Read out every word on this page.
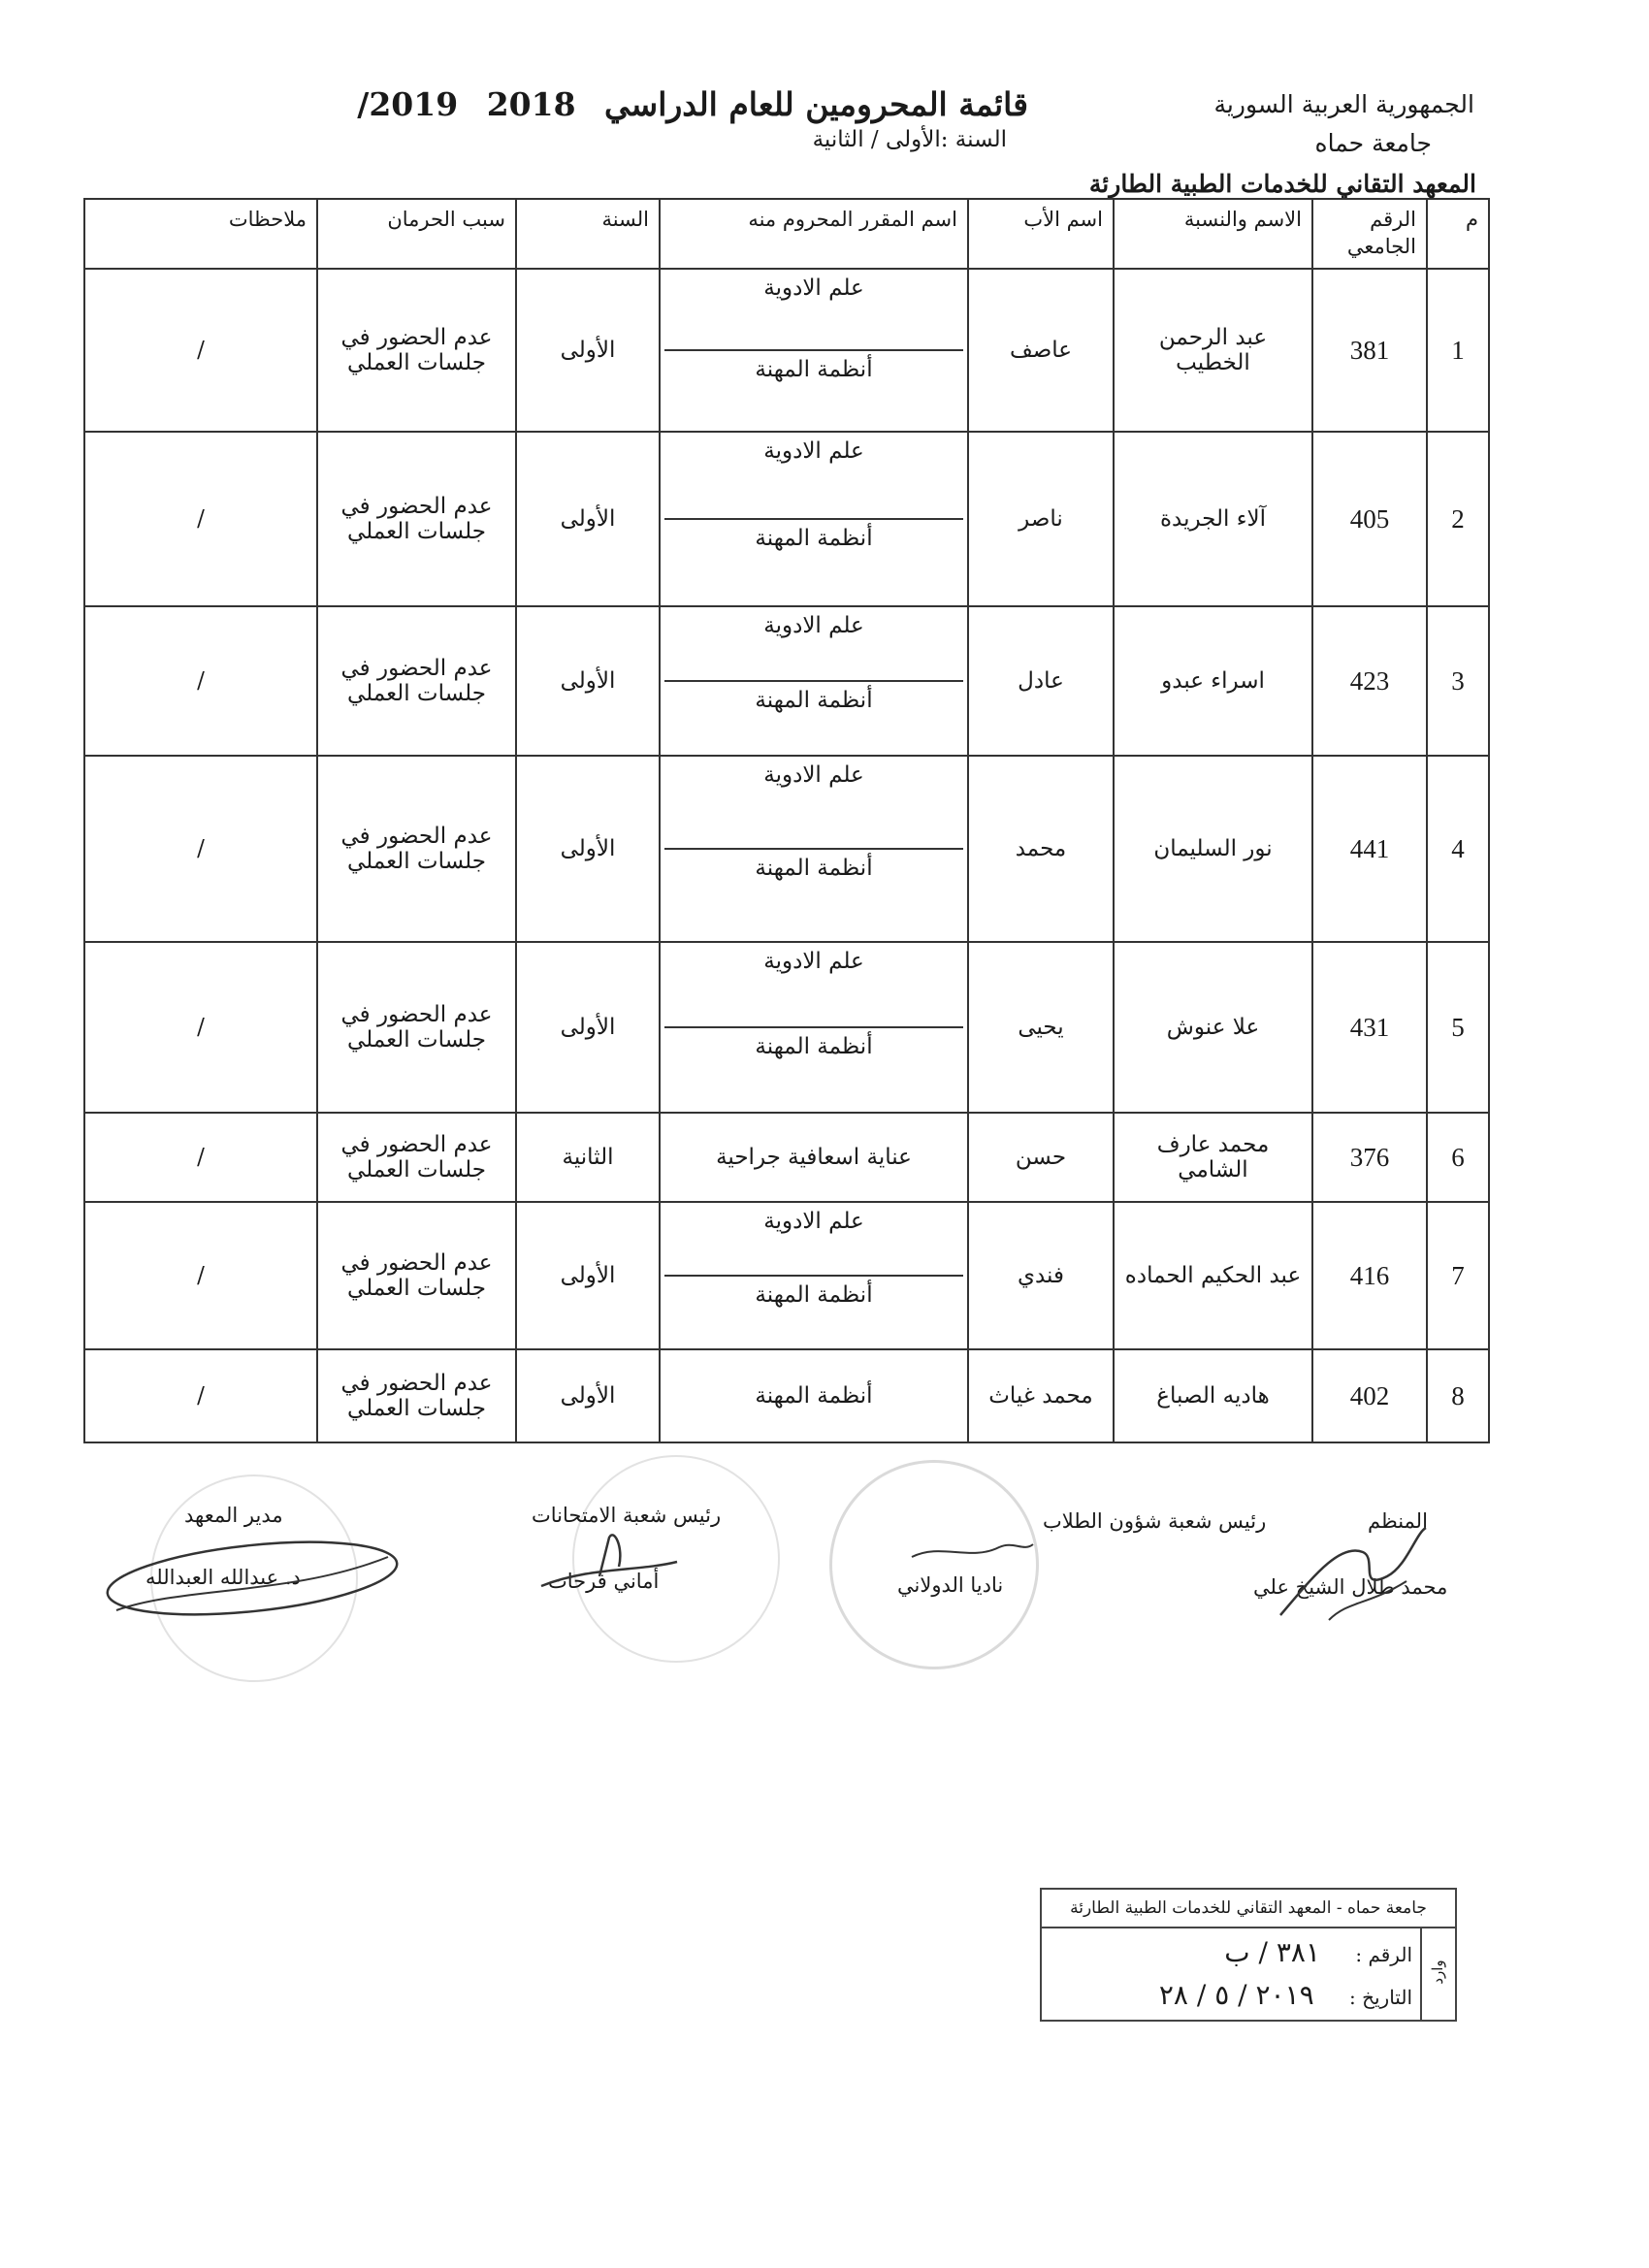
الجمهورية العربية السورية
جامعة حماه
المعهد التقاني للخدمات الطبية الطارئة
قائمة المحرومين للعام الدراسي 2018 2019/
السنة :الأولى / الثانية
م	الرقم الجامعي	الاسم والنسبة	اسم الأب	اسم المقرر المحروم منه	السنة	سبب الحرمان	ملاحظات
1	381	عبد الرحمن الخطيب	عاصف	علم الادوية
أنظمة المهنة	الأولى	عدم الحضور في جلسات العملي	/
2	405	آلاء الجريدة	ناصر	علم الادوية
أنظمة المهنة	الأولى	عدم الحضور في جلسات العملي	/
3	423	اسراء عبدو	عادل	علم الادوية
أنظمة المهنة	الأولى	عدم الحضور في جلسات العملي	/
4	441	نور السليمان	محمد	علم الادوية
أنظمة المهنة	الأولى	عدم الحضور في جلسات العملي	/
5	431	علا عنوش	يحيى	علم الادوية
أنظمة المهنة	الأولى	عدم الحضور في جلسات العملي	/
6	376	محمد عارف الشامي	حسن	عناية اسعافية جراحية	الثانية	عدم الحضور في جلسات العملي	/
7	416	عبد الحكيم الحماده	فندي	علم الادوية
أنظمة المهنة	الأولى	عدم الحضور في جلسات العملي	/
8	402	هاديه الصباغ	محمد غياث	أنظمة المهنة	الأولى	عدم الحضور في جلسات العملي	/
المنظم
محمد طلال الشيخ علي
رئيس شعبة شؤون الطلاب
ناديا الدولاني
رئيس شعبة الامتحانات
أماني فرحات
مدير المعهد
د. عبدالله العبدالله
جامعة حماه - المعهد التقاني للخدمات الطبية الطارئة
وارد
الرقم : ٣٨١ / ب
التاريخ : ٢٠١٩ / ٥ / ٢٨
